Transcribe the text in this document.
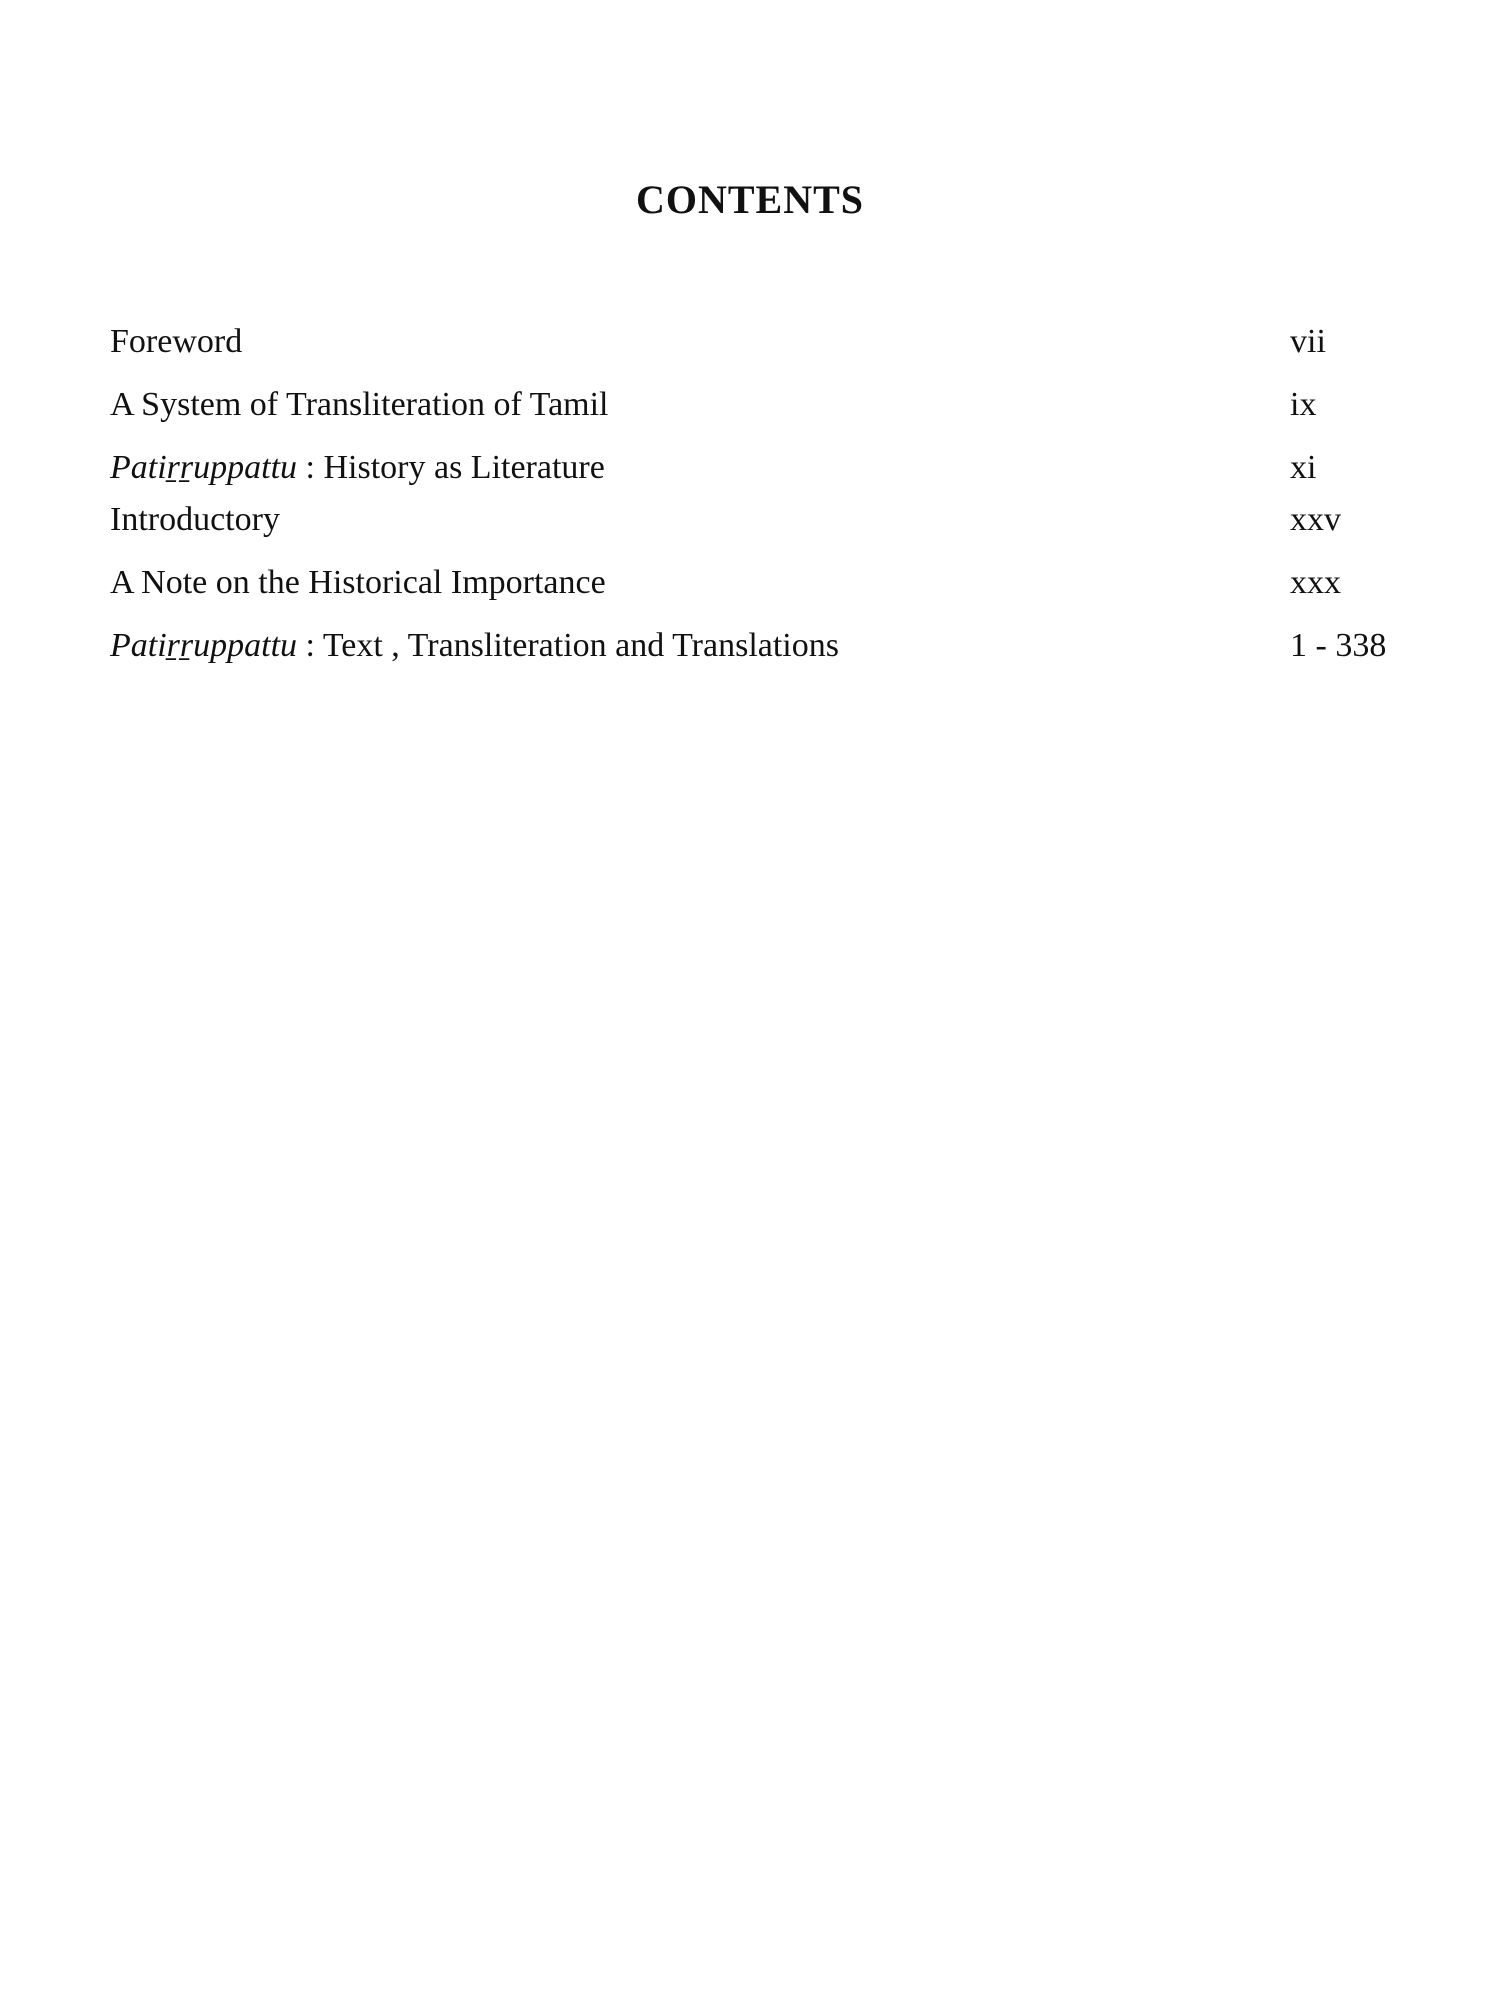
CONTENTS
Foreword	vii
A System of Transliteration of Tamil	ix
Patiṟṟuppattu : History as Literature	xi
Introductory	xxv
A Note on the Historical Importance	xxx
Patiṟṟuppattu : Text , Transliteration and Translations	1 - 338
